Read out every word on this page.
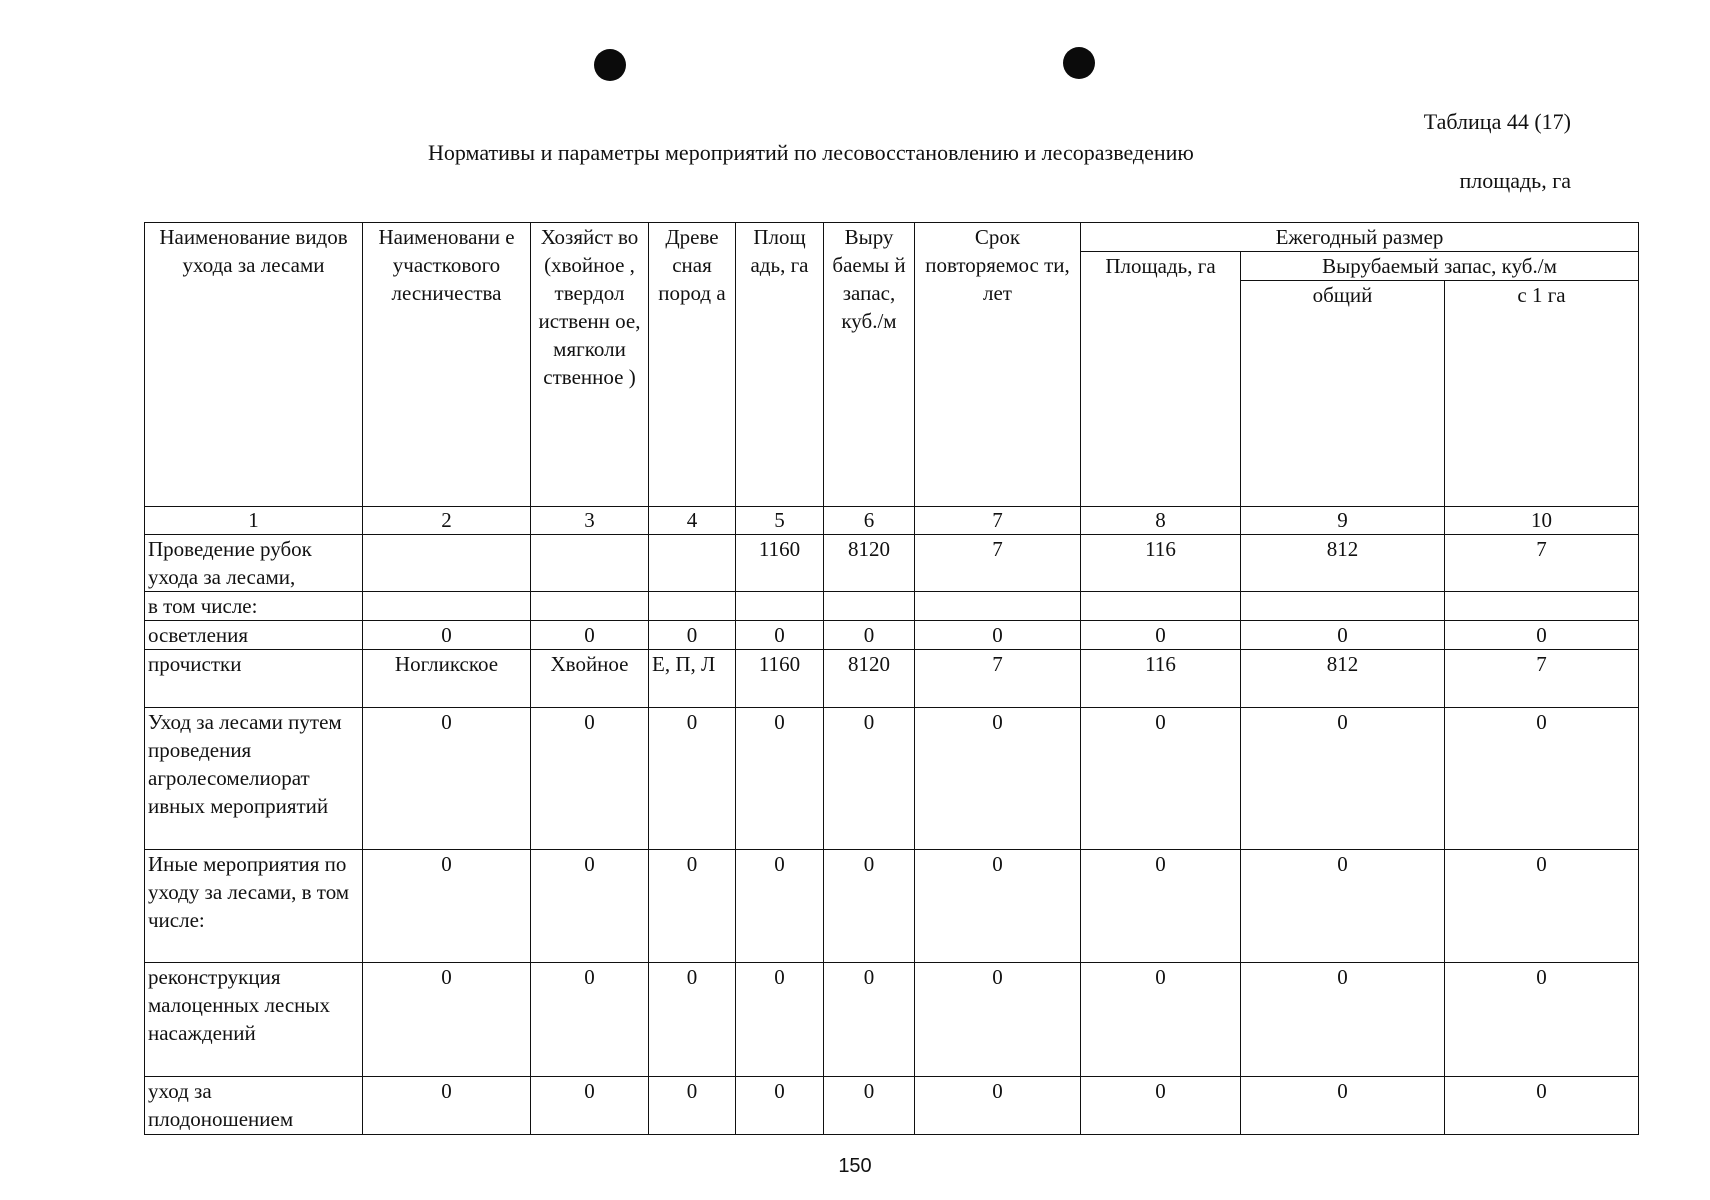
Таблица 44 (17)
Нормативы и параметры мероприятий по лесовосстановлению и лесоразведению
площадь, га
Наименование видов ухода за лесами	Наименовани е участкового лесничества	Хозяйст во (хвойное , твердол иственн ое, мягколи ственное )	Древе сная пород а	Площ адь, га	Выру баемы й запас, куб./м	Срок повторяемос ти, лет	Ежегодный размер		
							Площадь, га	Вырубаемый запас, куб./м	
								общий	с 1 га
1	2	3	4	5	6	7	8	9	10
Проведение рубок ухода за лесами,				1160	8120	7	116	812	7
в том числе:									
осветления	0	0	0	0	0	0	0	0	0
прочистки	Ногликское	Хвойное	Е, П, Л	1160	8120	7	116	812	7
Уход за лесами путем проведения агролесомелиорат ивных мероприятий	0	0	0	0	0	0	0	0	0
Иные мероприятия по уходу за лесами, в том числе:	0	0	0	0	0	0	0	0	0
реконструкция малоценных лесных насаждений	0	0	0	0	0	0	0	0	0
уход за плодоношением	0	0	0	0	0	0	0	0	0
150
